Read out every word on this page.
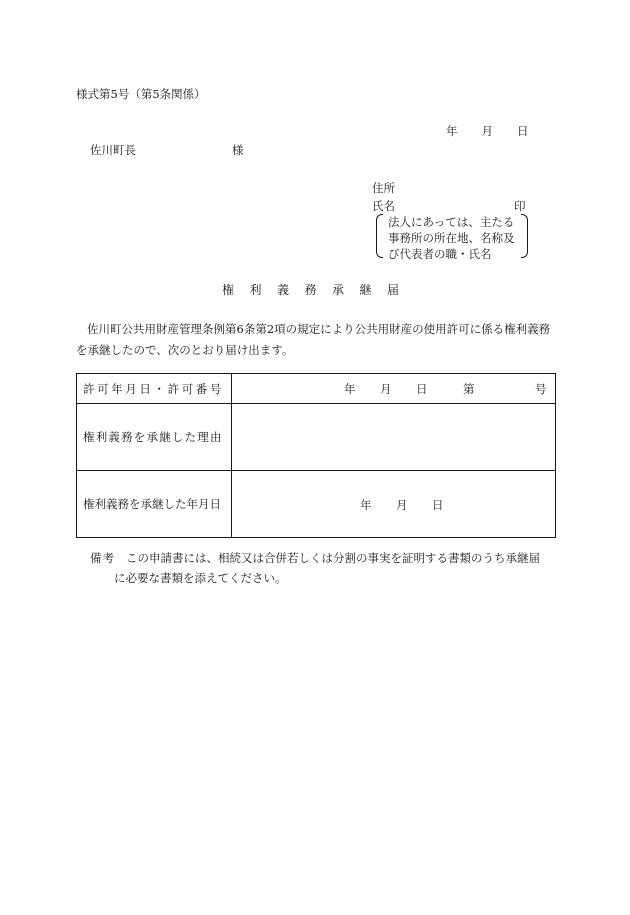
様式第5号（第5条関係）
年 月 日
佐川町長	様
住所
氏名	印
法人にあっては、主たる事務所の所在地、名称及び代表者の職・氏名
権利義務承継届
佐川町公共用財産管理条例第6条第2項の規定により公共用財産の使用許可に係る権利義務を承継したので、次のとおり届け出ます。
許可年月日・許可番号	年 月 日 第 号

権利義務を承継した理由	
権利義務を承継した年月日	年 月 日
備考 この申請書には、相続又は合併若しくは分割の事実を証明する書類のうち承継届
に必要な書類を添えてください。
